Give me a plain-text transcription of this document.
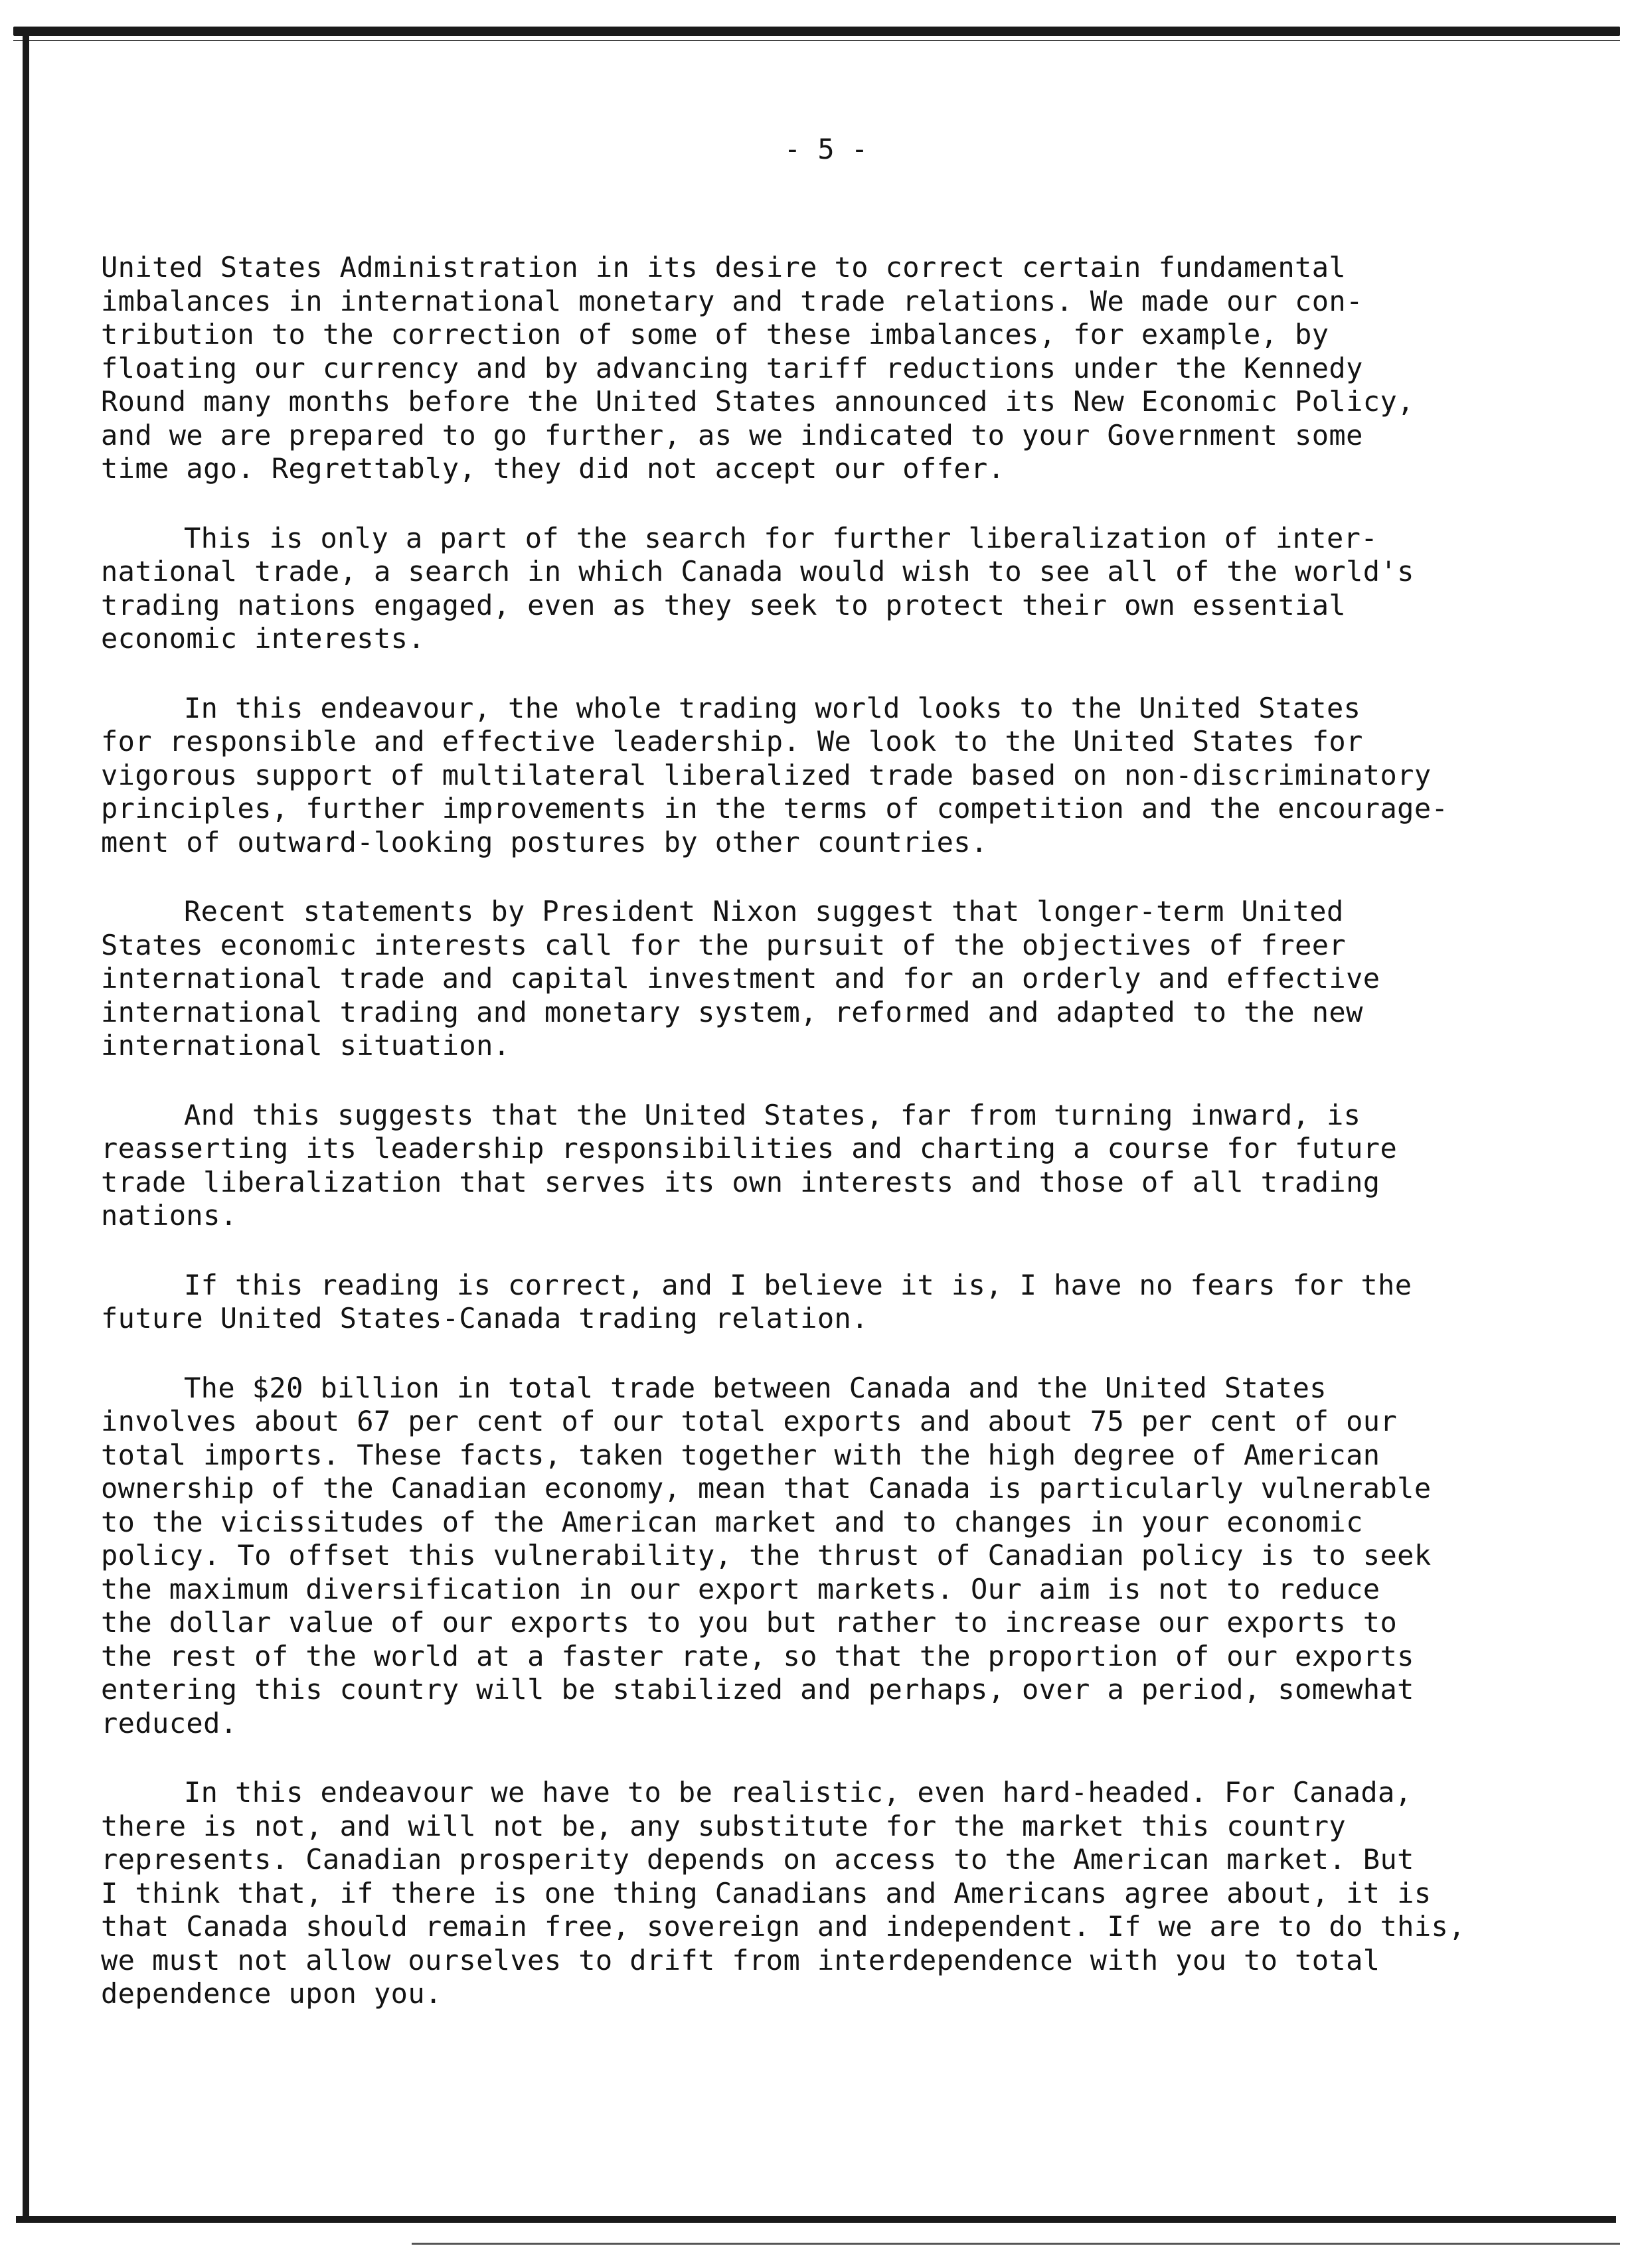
- 5 -
United States Administration in its desire to correct certain fundamental
imbalances in international monetary and trade relations. We made our con-
tribution to the correction of some of these imbalances, for example, by
floating our currency and by advancing tariff reductions under the Kennedy
Round many months before the United States announced its New Economic Policy,
and we are prepared to go further, as we indicated to your Government some
time ago. Regrettably, they did not accept our offer.
This is only a part of the search for further liberalization of inter-
national trade, a search in which Canada would wish to see all of the world's
trading nations engaged, even as they seek to protect their own essential
economic interests.
In this endeavour, the whole trading world looks to the United States
for responsible and effective leadership. We look to the United States for
vigorous support of multilateral liberalized trade based on non-discriminatory
principles, further improvements in the terms of competition and the encourage-
ment of outward-looking postures by other countries.
Recent statements by President Nixon suggest that longer-term United
States economic interests call for the pursuit of the objectives of freer
international trade and capital investment and for an orderly and effective
international trading and monetary system, reformed and adapted to the new
international situation.
And this suggests that the United States, far from turning inward, is
reasserting its leadership responsibilities and charting a course for future
trade liberalization that serves its own interests and those of all trading
nations.
If this reading is correct, and I believe it is, I have no fears for the
future United States-Canada trading relation.
The $20 billion in total trade between Canada and the United States
involves about 67 per cent of our total exports and about 75 per cent of our
total imports. These facts, taken together with the high degree of American
ownership of the Canadian economy, mean that Canada is particularly vulnerable
to the vicissitudes of the American market and to changes in your economic
policy. To offset this vulnerability, the thrust of Canadian policy is to seek
the maximum diversification in our export markets. Our aim is not to reduce
the dollar value of our exports to you but rather to increase our exports to
the rest of the world at a faster rate, so that the proportion of our exports
entering this country will be stabilized and perhaps, over a period, somewhat
reduced.
In this endeavour we have to be realistic, even hard-headed. For Canada,
there is not, and will not be, any substitute for the market this country
represents. Canadian prosperity depends on access to the American market. But
I think that, if there is one thing Canadians and Americans agree about, it is
that Canada should remain free, sovereign and independent. If we are to do this,
we must not allow ourselves to drift from interdependence with you to total
dependence upon you.
